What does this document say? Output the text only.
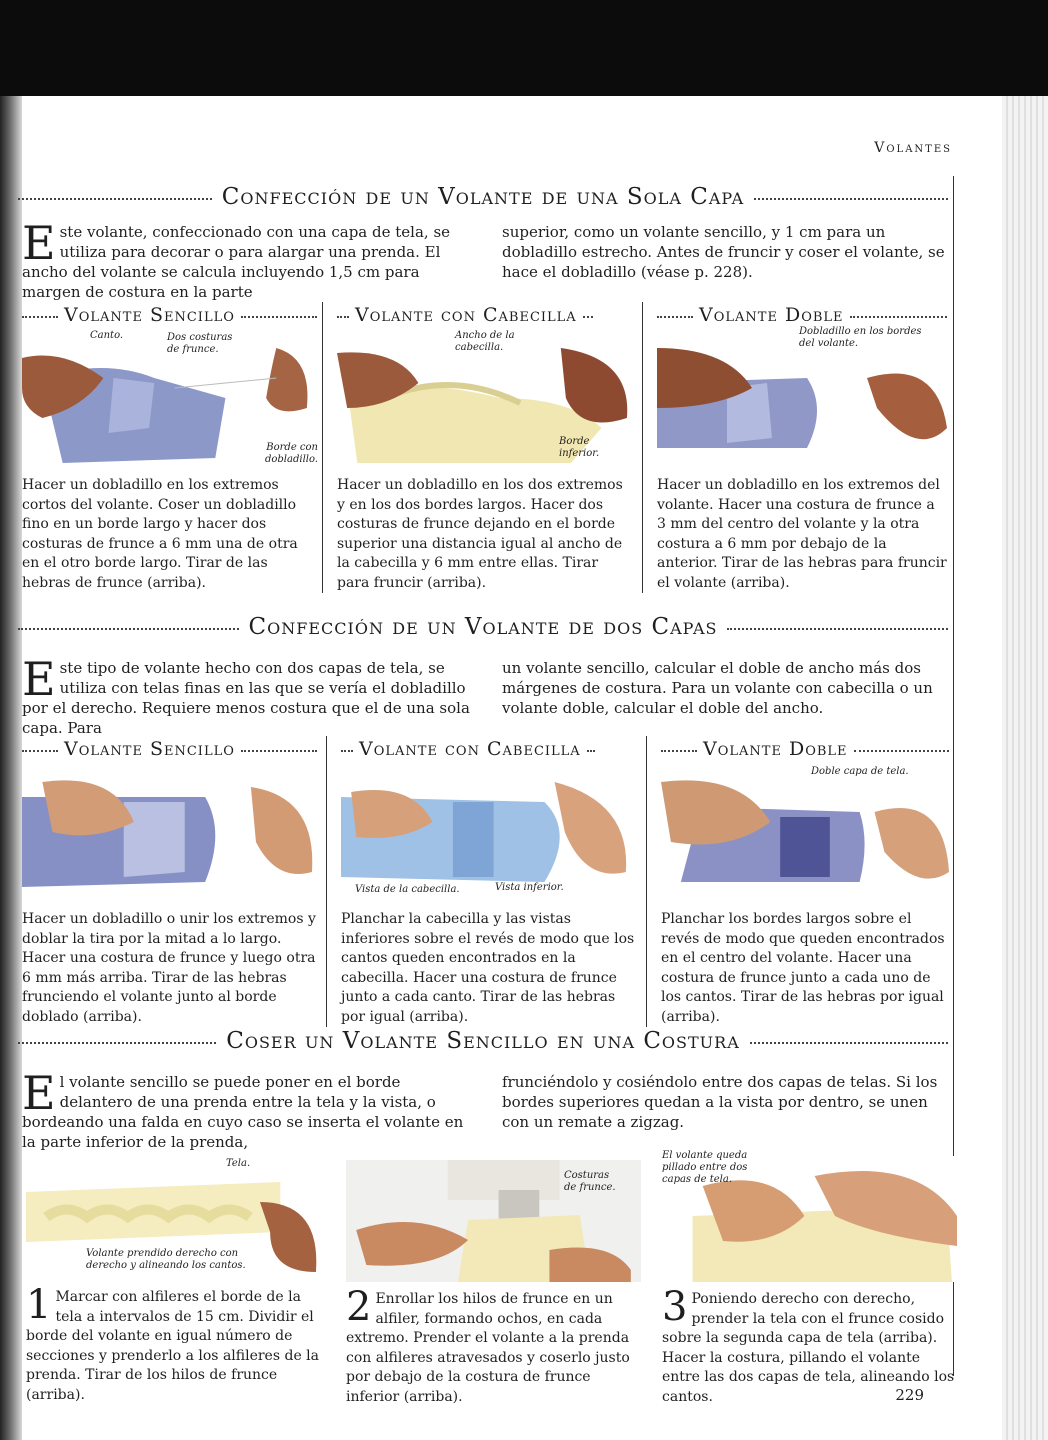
Volantes
Confección de un Volante de una Sola Capa

Este volante, confeccionado con una capa de tela, se utiliza para decorar o para alargar una prenda. El ancho del volante se calcula incluyendo 1,5 cm para margen de costura en la parte

superior, como un volante sencillo, y 1 cm para un dobladillo estrecho. Antes de fruncir y coser el volante, se hace el dobladillo (véase p. 228).

Volante Sencillo
Canto.	Dos costuras de frunce.
Borde con dobladillo.

Hacer un dobladillo en los extremos cortos del volante. Coser un dobladillo fino en un borde largo y hacer dos costuras de frunce a 6 mm una de otra en el otro borde largo. Tirar de las hebras de frunce (arriba).

Volante con Cabecilla
Ancho de la cabecilla.
Borde inferior.

Hacer un dobladillo en los dos extremos y en los dos bordes largos. Hacer dos costuras de frunce dejando en el borde superior una distancia igual al ancho de la cabecilla y 6 mm entre ellas. Tirar para fruncir (arriba).

Volante Doble
Dobladillo en los bordes del volante.

Hacer un dobladillo en los extremos del volante. Hacer una costura de frunce a 3 mm del centro del volante y la otra costura a 6 mm por debajo de la anterior. Tirar de las hebras para fruncir el volante (arriba).

Confección de un Volante de dos Capas

Este tipo de volante hecho con dos capas de tela, se utiliza con telas finas en las que se vería el dobladillo por el derecho. Requiere menos costura que el de una sola capa. Para

un volante sencillo, calcular el doble de ancho más dos márgenes de costura. Para un volante con cabecilla o un volante doble, calcular el doble del ancho.

Volante Sencillo

Hacer un dobladillo o unir los extremos y doblar la tira por la mitad a lo largo. Hacer una costura de frunce y luego otra 6 mm más arriba. Tirar de las hebras frunciendo el volante junto al borde doblado (arriba).

Volante con Cabecilla
Vista de la cabecilla.	Vista inferior.

Planchar la cabecilla y las vistas inferiores sobre el revés de modo que los cantos queden encontrados en la cabecilla. Hacer una costura de frunce junto a cada canto. Tirar de las hebras por igual (arriba).

Volante Doble
Doble capa de tela.

Planchar los bordes largos sobre el revés de modo que queden encontrados en el centro del volante. Hacer una costura de frunce junto a cada uno de los cantos. Tirar de las hebras por igual (arriba).

Coser un Volante Sencillo en una Costura

El volante sencillo se puede poner en el borde delantero de una prenda entre la tela y la vista, o bordeando una falda en cuyo caso se inserta el volante en la parte inferior de la prenda,

frunciéndolo y cosiéndolo entre dos capas de telas. Si los bordes superiores quedan a la vista por dentro, se unen con un remate a zigzag.

Tela.
Volante prendido derecho con derecho y alineando los cantos.
1 Marcar con alfileres el borde de la tela a intervalos de 15 cm. Dividir el borde del volante en igual número de secciones y prenderlo a los alfileres de la prenda. Tirar de los hilos de frunce (arriba).
Costuras de frunce.
2 Enrollar los hilos de frunce en un alfiler, formando ochos, en cada extremo. Prender el volante a la prenda con alfileres atravesados y coserlo justo por debajo de la costura de frunce inferior (arriba).
El volante queda pillado entre dos capas de tela.
3 Poniendo derecho con derecho, prender la tela con el frunce cosido sobre la segunda capa de tela (arriba). Hacer la costura, pillando el volante entre las dos capas de tela, alineando los cantos.	229
